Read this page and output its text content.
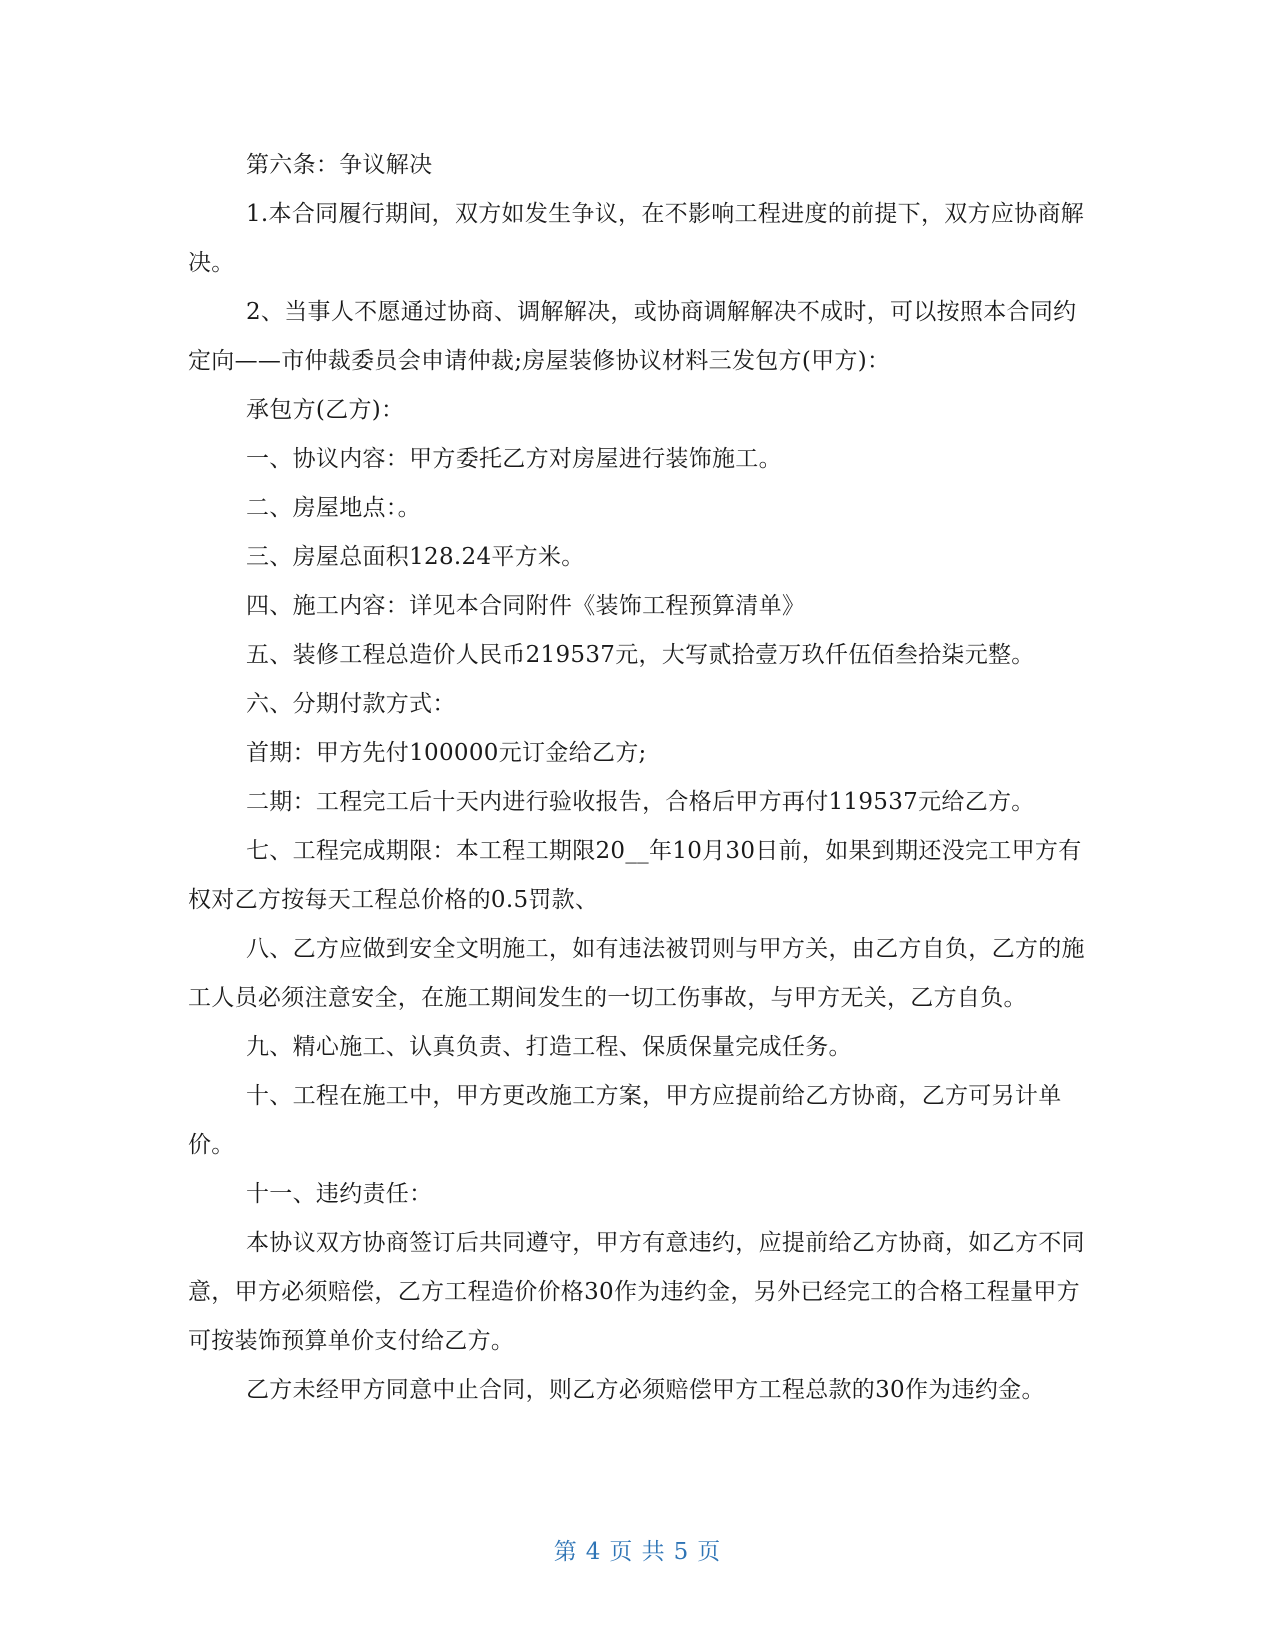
第六条：争议解决

1.本合同履行期间，双方如发生争议，在不影响工程进度的前提下，双方应协商解决。

2、当事人不愿通过协商、调解解决，或协商调解解决不成时，可以按照本合同约定向——市仲裁委员会申请仲裁;房屋装修协议材料三发包方(甲方)：

承包方(乙方)：

一、协议内容：甲方委托乙方对房屋进行装饰施工。

二、房屋地点：。

三、房屋总面积128.24平方米。

四、施工内容：详见本合同附件《装饰工程预算清单》

五、装修工程总造价人民币219537元，大写贰拾壹万玖仟伍佰叁拾柒元整。

六、分期付款方式：

首期：甲方先付100000元订金给乙方;

二期：工程完工后十天内进行验收报告，合格后甲方再付119537元给乙方。

七、工程完成期限：本工程工期限20__年10月30日前，如果到期还没完工甲方有权对乙方按每天工程总价格的0.5罚款、

八、乙方应做到安全文明施工，如有违法被罚则与甲方关，由乙方自负，乙方的施工人员必须注意安全，在施工期间发生的一切工伤事故，与甲方无关，乙方自负。

九、精心施工、认真负责、打造工程、保质保量完成任务。

十、工程在施工中，甲方更改施工方案，甲方应提前给乙方协商，乙方可另计单价。

十一、违约责任：

本协议双方协商签订后共同遵守，甲方有意违约，应提前给乙方协商，如乙方不同意，甲方必须赔偿，乙方工程造价价格30作为违约金，另外已经完工的合格工程量甲方可按装饰预算单价支付给乙方。

乙方未经甲方同意中止合同，则乙方必须赔偿甲方工程总款的30作为违约金。

第 4 页 共 5 页
